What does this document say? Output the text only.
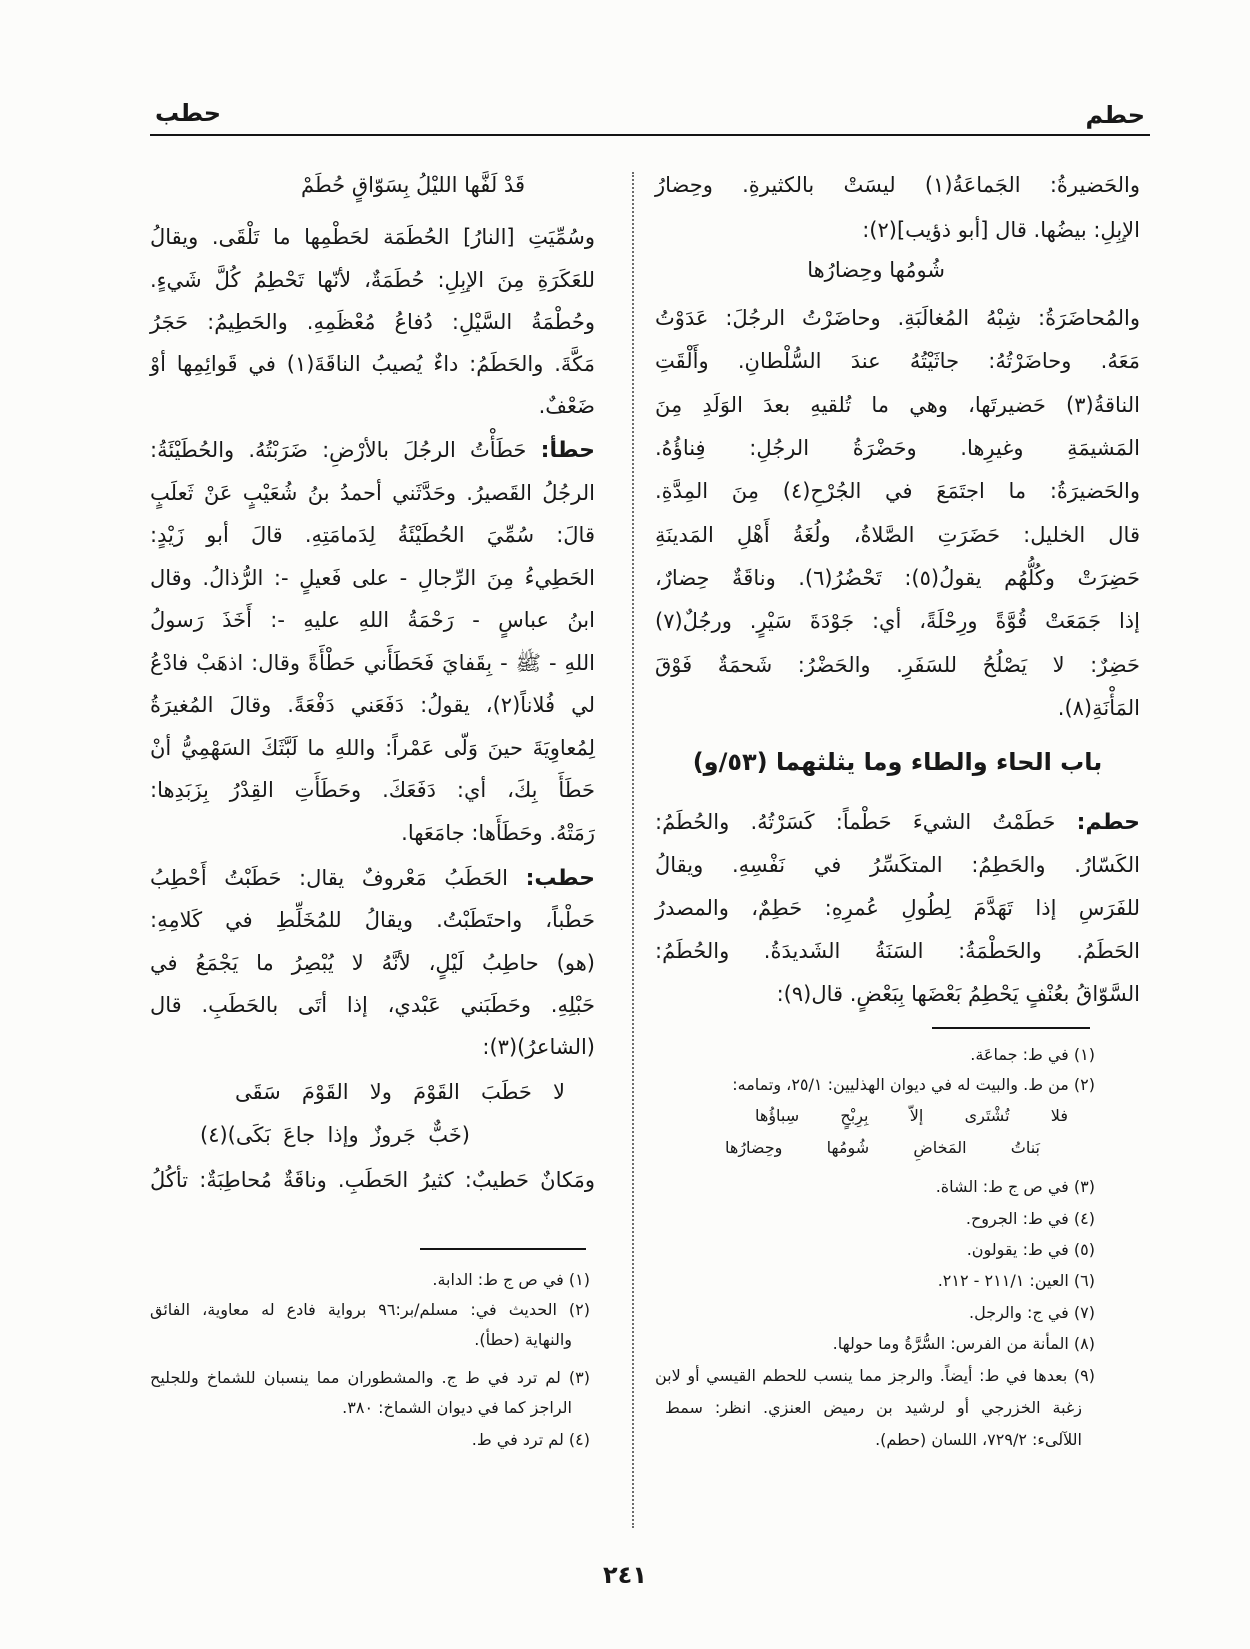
حطم
حطب
والحَضيرةُ: الجَماعَةُ(١) ليسَتْ بالكثيرةِ. وحِضارُ
الإبِلِ: بيضُها. قال [أبو ذؤيب](٢):
شُومُها وحِضارُها
والمُحاضَرَةُ: شِبْهُ المُغالَبَةِ. وحاضَرْتُ الرجُلَ: عَدَوْتُ
مَعَهُ. وحاضَرْتُهُ: جاثَيْتُهُ عندَ السُّلْطانِ. وأَلْقَتِ
الناقةُ(٣) حَضيرتَها، وهي ما تُلقيهِ بعدَ الوَلَدِ مِنَ
المَشيمَةِ وغيرِها. وحَضْرَةُ الرجُلِ: فِناؤُهُ.
والحَضيرَةُ: ما اجتَمَعَ في الجُرْحِ(٤) مِنَ المِدَّةِ.
قال الخليل: حَضَرَتِ الصَّلاةُ، ولُغَةُ أَهْلِ المَدينَةِ
حَضِرَتْ وكُلُّهُم يقولُ(٥): تَحْضُرُ(٦). وناقَةٌ حِضارٌ،
إذا جَمَعَتْ قُوَّةً ورِحْلَةً، أي: جَوْدَةَ سَيْرٍ. ورجُلٌ(٧)
حَضِرٌ: لا يَصْلُحُ للسَفَرِ. والحَضْرُ: شَحمَةٌ فَوْقَ
المَأْنَةِ(٨).
باب الحاء والطاء وما يثلثهما (٥٣/و)
حطم: حَطَمْتُ الشيءَ حَطْماً: كَسَرْتُهُ. والحُطَمُ:
الكَسّارُ. والحَطِمُ: المتكَسِّرُ في نَفْسِهِ. ويقالُ
للفَرَسِ إذا تَهَدَّمَ لِطُولِ عُمرِهِ: حَطِمٌ، والمصدرُ
الحَطَمُ. والحَطْمَةُ: السَنَةُ الشَديدَةُ. والحُطَمُ:
السَّوّاقُ بعُنْفٍ يَحْطِمُ بَعْضَها بِبَعْضٍ. قال(٩):
(١) في ط: جماعَة.
(٢) من ط. والبيت له في ديوان الهذليين: ٢٥/١، وتمامه:
فلا تُشْتَرى إلاّ بِرِبْحٍ سِباؤُها
بَناتُ المَخاضِ شُومُها وحِضارُها
(٣) في ص ج ط: الشاة.
(٤) في ط: الجروح.
(٥) في ط: يقولون.
(٦) العين: ٢١١/١ - ٢١٢.
(٧) في ج: والرجل.
(٨) المأنة من الفرس: السُّرَّةُ وما حولها.
(٩) بعدها في ط: أيضاً. والرجز مما ينسب للحطم القيسي أو لابن
زغبة الخزرجي أو لرشيد بن رميض العنزي. انظر: سمط
اللآلىء: ٧٢٩/٢، اللسان (حطم).
قَدْ لَفَّها الليْلُ بِسَوّاقٍ حُطَمْ
وسُمِّيَتِ [النارُ] الحُطَمَة لحَطْمِها ما تَلْقَى. ويقالُ
للعَكَرَةِ مِنَ الإبِلِ: حُطَمَةٌ، لأنّها تَحْطِمُ كُلَّ شَيءٍ.
وحُطْمَةُ السَّيْلِ: دُفاعُ مُعْظَمِهِ. والحَطِيمُ: حَجَرُ
مَكَّةَ. والحَطَمُ: داءٌ يُصيبُ الناقَةَ(١) في قَوائِمِها أوْ
ضَعْفٌ.
حطأ: حَطَأْتُ الرجُلَ بالأرْضِ: ضَرَبْتُهُ. والحُطَيْئَةُ:
الرجُلُ القَصيرُ. وحَدَّثَني أحمدُ بنُ شُعَيْبٍ عَنْ ثَعلَبٍ
قالَ: سُمِّيَ الحُطَيْئَةُ لِدَمامَتِهِ. قالَ أبو زَيْدٍ:
الحَطِيءُ مِنَ الرِّجالِ - على فَعيلٍ -: الرُّذالُ. وقال
ابنُ عباسٍ - رَحْمَةُ اللهِ عليهِ -: أَخَذَ رَسولُ
اللهِ - ﷺ - بِقَفايَ فَحَطَأَني حَطْأَةً وقال: اذهَبْ فادْعُ
لي فُلاناً(٢)، يقولُ: دَفَعَني دَفْعَةً. وقالَ المُغيرَةُ
لِمُعاوِيَةَ حينَ وَلّى عَمْراً: واللهِ ما لَبَّثَكَ السَهْمِيُّ أنْ
حَطَأَ بِكَ، أي: دَفَعَكَ. وحَطَأَتِ القِدْرُ بِزَبَدِها:
رَمَتْهُ. وحَطَأَها: جامَعَها.
حطب: الحَطَبُ مَعْروفٌ يقال: حَطَبْتُ أَحْطِبُ
حَطْباً، واحتَطَبْتُ. ويقالُ للمُخَلِّطِ في كَلامِهِ:
(هو) حاطِبُ لَيْلٍ، لأنَّهُ لا يُبْصِرُ ما يَجْمَعُ في
حَبْلِهِ. وحَطَبَني عَبْدي، إذا أتَى بالحَطَبِ. قال
(الشاعرُ)(٣):
لا حَطَبَ القَوْمَ ولا القَوْمَ سَقَى
(خَبٌّ جَروزٌ وإذا جاعَ بَكَى)(٤)
ومَكانٌ حَطيبٌ: كثيرُ الحَطَبِ. وناقَةٌ مُحاطِبَةٌ: تأكُلُ
(١) في ص ج ط: الدابة.
(٢) الحديث في: مسلم/بر:٩٦ برواية فادع له معاوية، الفائق
والنهاية (حطأ).
(٣) لم ترد في ط ج. والمشطوران مما ينسبان للشماخ وللجليح
الراجز كما في ديوان الشماخ: ٣٨٠.
(٤) لم ترد في ط.
٢٤١
